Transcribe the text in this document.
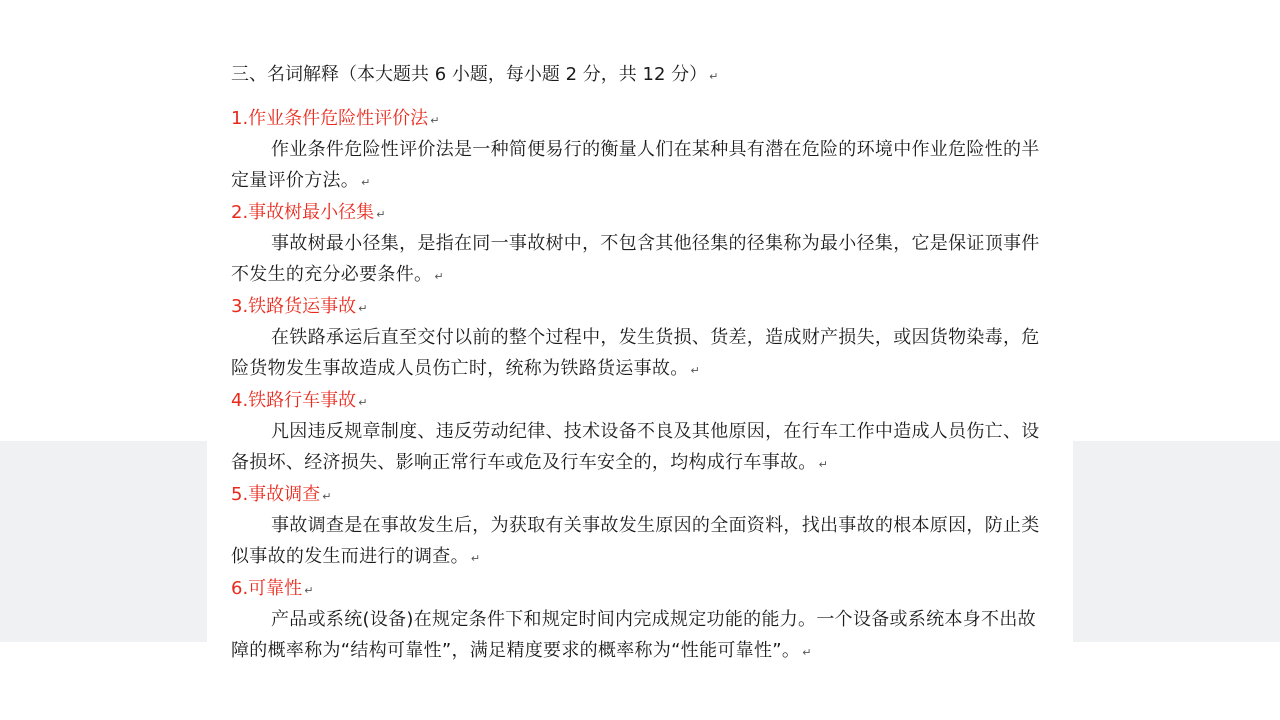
三、名词解释（本大题共 6 小题，每小题 2 分，共 12 分） ↵
1.作业条件危险性评价法 ↵

作业条件危险性评价法是一种简便易行的衡量人们在某种具有潜在危险的环境中作业危险性的半定量评价方法。 ↵

2.事故树最小径集 ↵

事故树最小径集，是指在同一事故树中，不包含其他径集的径集称为最小径集，它是保证顶事件不发生的充分必要条件。 ↵

3.铁路货运事故 ↵

在铁路承运后直至交付以前的整个过程中，发生货损、货差，造成财产损失，或因货物染毒，危险货物发生事故造成人员伤亡时，统称为铁路货运事故。 ↵

4.铁路行车事故 ↵

凡因违反规章制度、违反劳动纪律、技术设备不良及其他原因，在行车工作中造成人员伤亡、设备损坏、经济损失、影响正常行车或危及行车安全的，均构成行车事故。 ↵

5.事故调查 ↵

事故调查是在事故发生后，为获取有关事故发生原因的全面资料，找出事故的根本原因，防止类似事故的发生而进行的调查。 ↵

6.可靠性 ↵

产品或系统(设备)在规定条件下和规定时间内完成规定功能的能力。一个设备或系统本身不出故障的概率称为“结构可靠性”，满足精度要求的概率称为“性能可靠性”。 ↵
